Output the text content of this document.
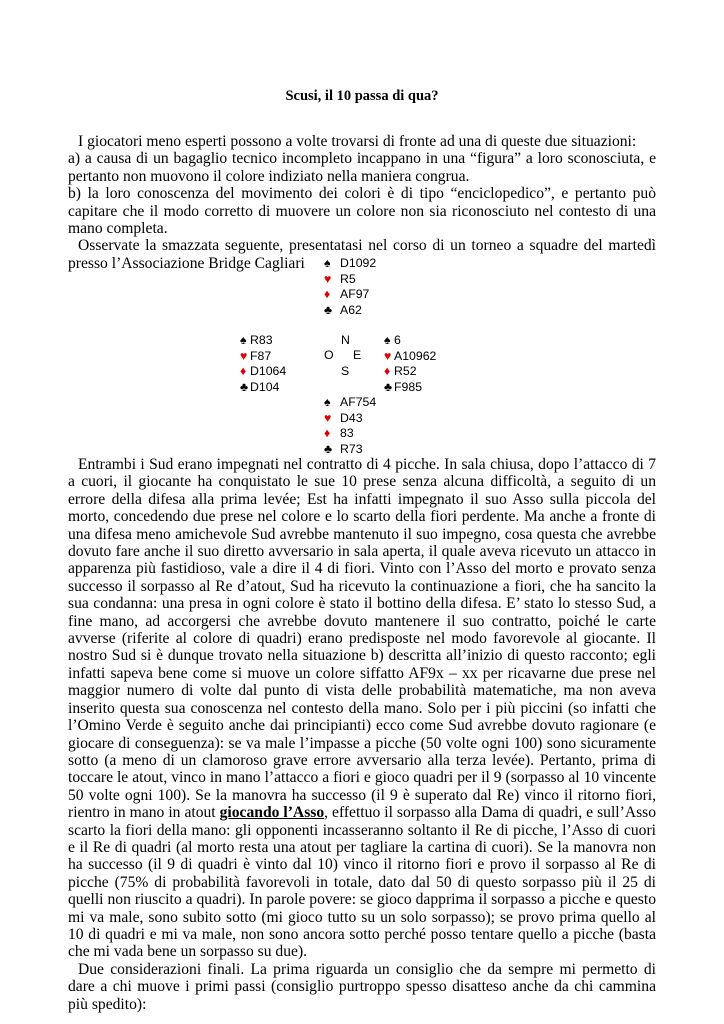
Scusi, il 10 passa di qua?

I giocatori meno esperti possono a volte trovarsi di fronte ad una di queste due situazioni:

a) a causa di un bagaglio tecnico incompleto incappano in una “figura” a loro sconosciuta, e pertanto non muovono il colore indiziato nella maniera congrua.

b) la loro conoscenza del movimento dei colori è di tipo “enciclopedico”, e pertanto può capitare che il modo corretto di muovere un colore non sia riconosciuto nel contesto di una mano completa.

Osservate la smazzata seguente, presentatasi nel corso di un torneo a squadre del martedì presso l’Associazione Bridge Cagliari	♠ D1092
♥ R5
♦ AF97
♣ A62
♠ R83
♥ F87
♦ D1064
♣ D104
N
O E
S
♠ 6
♥ A10962
♦ R52
♣ F985
♠ AF754
♥ D43
♦ 83
♣ R73

Entrambi i Sud erano impegnati nel contratto di 4 picche. In sala chiusa, dopo l’attacco di 7 a cuori, il giocante ha conquistato le sue 10 prese senza alcuna difficoltà, a seguito di un errore della difesa alla prima levée; Est ha infatti impegnato il suo Asso sulla piccola del morto, concedendo due prese nel colore e lo scarto della fiori perdente. Ma anche a fronte di una difesa meno amichevole Sud avrebbe mantenuto il suo impegno, cosa questa che avrebbe dovuto fare anche il suo diretto avversario in sala aperta, il quale aveva ricevuto un attacco in apparenza più fastidioso, vale a dire il 4 di fiori. Vinto con l’Asso del morto e provato senza successo il sorpasso al Re d’atout, Sud ha ricevuto la continuazione a fiori, che ha sancito la sua condanna: una presa in ogni colore è stato il bottino della difesa. E’ stato lo stesso Sud, a fine mano, ad accorgersi che avrebbe dovuto mantenere il suo contratto, poiché le carte avverse (riferite al colore di quadri) erano predisposte nel modo favorevole al giocante. Il nostro Sud si è dunque trovato nella situazione b) descritta all’inizio di questo racconto; egli infatti sapeva bene come si muove un colore siffatto AF9x – xx per ricavarne due prese nel maggior numero di volte dal punto di vista delle probabilità matematiche, ma non aveva inserito questa sua conoscenza nel contesto della mano. Solo per i più piccini (so infatti che l’Omino Verde è seguito anche dai principianti) ecco come Sud avrebbe dovuto ragionare (e giocare di conseguenza): se va male l’impasse a picche (50 volte ogni 100) sono sicuramente sotto (a meno di un clamoroso grave errore avversario alla terza levée). Pertanto, prima di toccare le atout, vinco in mano l’attacco a fiori e gioco quadri per il 9 (sorpasso al 10 vincente 50 volte ogni 100). Se la manovra ha successo (il 9 è superato dal Re) vinco il ritorno fiori, rientro in mano in atout giocando l’Asso, effettuo il sorpasso alla Dama di quadri, e sull’Asso scarto la fiori della mano: gli opponenti incasseranno soltanto il Re di picche, l’Asso di cuori e il Re di quadri (al morto resta una atout per tagliare la cartina di cuori). Se la manovra non ha successo (il 9 di quadri è vinto dal 10) vinco il ritorno fiori e provo il sorpasso al Re di picche (75% di probabilità favorevoli in totale, dato dal 50 di questo sorpasso più il 25 di quelli non riuscito a quadri). In parole povere: se gioco dapprima il sorpasso a picche e questo mi va male, sono subito sotto (mi gioco tutto su un solo sorpasso); se provo prima quello al 10 di quadri e mi va male, non sono ancora sotto perché posso tentare quello a picche (basta che mi vada bene un sorpasso su due).

Due considerazioni finali. La prima riguarda un consiglio che da sempre mi permetto di dare a chi muove i primi passi (consiglio purtroppo spesso disatteso anche da chi cammina più spedito):
